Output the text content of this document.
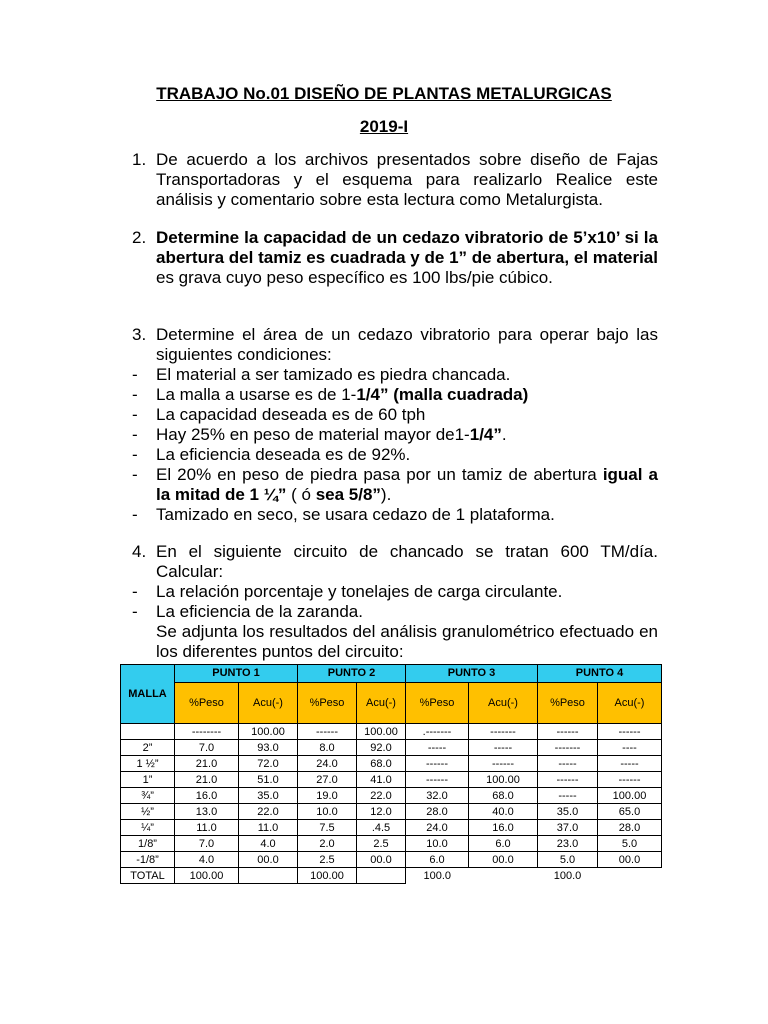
TRABAJO No.01 DISEÑO DE PLANTAS METALURGICAS
2019-I
1. De acuerdo a los archivos presentados sobre diseño de Fajas Transportadoras y el esquema para realizarlo Realice este análisis y comentario sobre esta lectura como Metalurgista.
2. Determine la capacidad de un cedazo vibratorio de 5’x10’ si la abertura del tamiz es cuadrada y de 1” de abertura, el material es grava cuyo peso específico es 100 lbs/pie cúbico.
3. Determine el área de un cedazo vibratorio para operar bajo las siguientes condiciones:
- El material a ser tamizado es piedra chancada.
- La malla a usarse es de 1-1/4” (malla cuadrada)
- La capacidad deseada es de 60 tph
- Hay 25% en peso de material mayor de1-1/4”.
- La eficiencia deseada es de 92%.
- El 20% en peso de piedra pasa por un tamiz de abertura igual a la mitad de 1 ¼” ( ó sea 5/8”).
- Tamizado en seco, se usara cedazo de 1 plataforma.
4. En el siguiente circuito de chancado se tratan 600 TM/día. Calcular:
- La relación porcentaje y tonelajes de carga circulante.
- La eficiencia de la zaranda.
Se adjunta los resultados del análisis granulométrico efectuado en los diferentes puntos del circuito:
MALLA	PUNTO 1		PUNTO 2		PUNTO 3		PUNTO 4	
	%Peso	Acu(-)	%Peso	Acu(-)	%Peso	Acu(-)	%Peso	Acu(-)
	--------	100.00	------	100.00	.-------	-------	------	------
2”	7.0	93.0	8.0	92.0	-----	-----	-------	----
1 ½”	21.0	72.0	24.0	68.0	------	------	-----	-----
1”	21.0	51.0	27.0	41.0	------	100.00	------	------
¾”	16.0	35.0	19.0	22.0	32.0	68.0	-----	100.00
½”	13.0	22.0	10.0	12.0	28.0	40.0	35.0	65.0
¼”	11.0	11.0	7.5	.4.5	24.0	16.0	37.0	28.0
1/8”	7.0	4.0	2.0	2.5	10.0	6.0	23.0	5.0
-1/8”	4.0	00.0	2.5	00.0	6.0	00.0	5.0	00.0
TOTAL	100.00		100.00		100.0		100.0	
